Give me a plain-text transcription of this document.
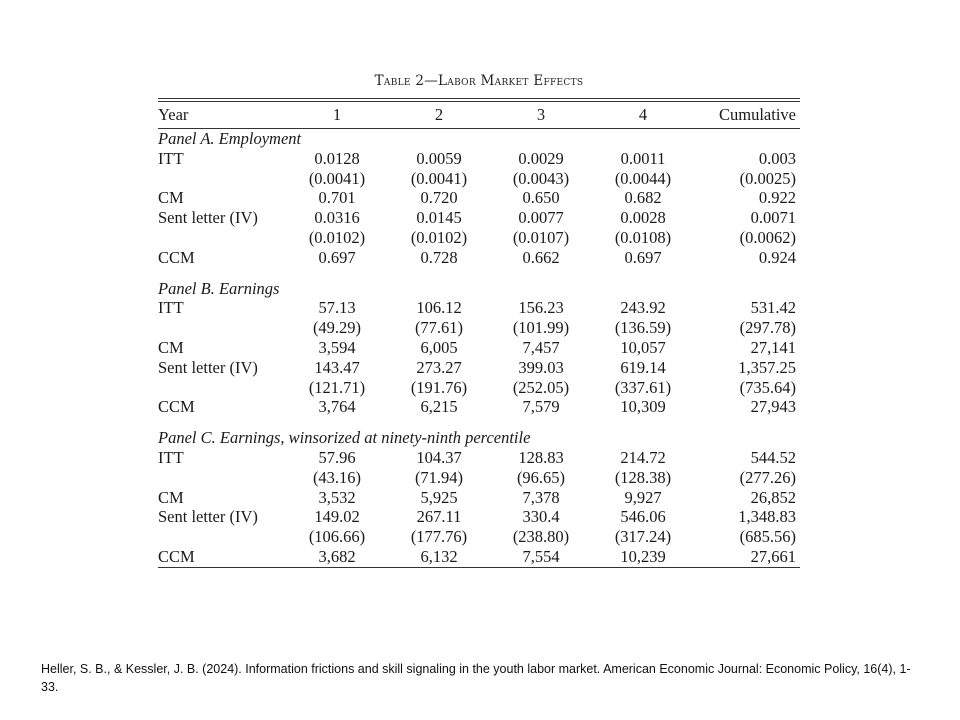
Table 2—Labor Market Effects
Year	1	2	3	4	Cumulative
Panel A. Employment					
ITT	0.0128	0.0059	0.0029	0.0011	0.003
	(0.0041)	(0.0041)	(0.0043)	(0.0044)	(0.0025)
CM	0.701	0.720	0.650	0.682	0.922
Sent letter (IV)	0.0316	0.0145	0.0077	0.0028	0.0071
	(0.0102)	(0.0102)	(0.0107)	(0.0108)	(0.0062)
CCM	0.697	0.728	0.662	0.697	0.924

Panel B. Earnings					
ITT	57.13	106.12	156.23	243.92	531.42
	(49.29)	(77.61)	(101.99)	(136.59)	(297.78)
CM	3,594	6,005	7,457	10,057	27,141
Sent letter (IV)	143.47	273.27	399.03	619.14	1,357.25
	(121.71)	(191.76)	(252.05)	(337.61)	(735.64)
CCM	3,764	6,215	7,579	10,309	27,943

Panel C. Earnings, winsorized at ninety-ninth percentile					
ITT	57.96	104.37	128.83	214.72	544.52
	(43.16)	(71.94)	(96.65)	(128.38)	(277.26)
CM	3,532	5,925	7,378	9,927	26,852
Sent letter (IV)	149.02	267.11	330.4	546.06	1,348.83
	(106.66)	(177.76)	(238.80)	(317.24)	(685.56)
CCM	3,682	6,132	7,554	10,239	27,661

Heller, S. B., & Kessler, J. B. (2024). Information frictions and skill signaling in the youth labor market. American Economic Journal: Economic Policy, 16(4), 1-33.
